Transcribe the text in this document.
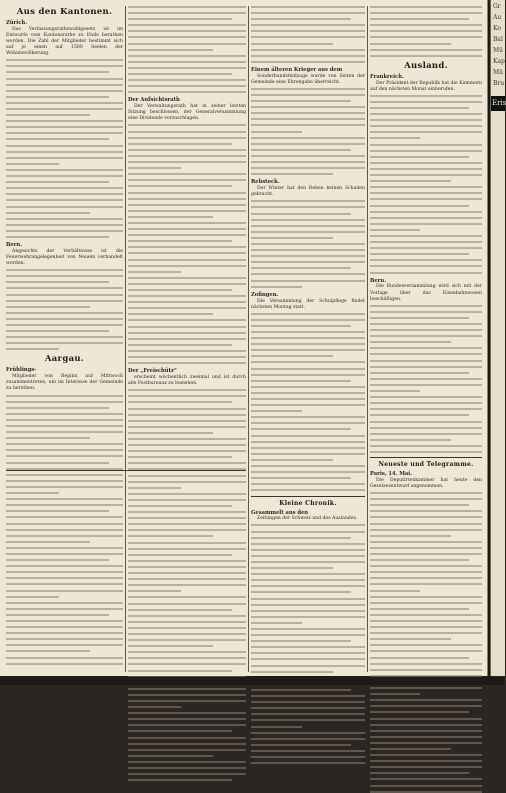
Aus den Kantonen.
Zürich.

Das Verfassungsrathswahlgesetz ist im Entwurfe vom Kantonsrathe zu Ende berathen worden. Die Zahl der Mitglieder bestimmt sich auf je einen auf 1500 Seelen der Wohnbevölkerung.

Bern.

Angesichts der Verhältnisse ist die Feuerwehrangelegenheit von Neuem verhandelt worden.

Aargau.
Frühlings-

Mitglieder von Beginn auf Mittwoch zusammentreten, um im Interesse der Gemeinde zu berathen.

Der Aufsichtsrath

Der Verwaltungsrath hat in seiner letzten Sitzung beschlossen, der Generalversammlung eine Dividende vorzuschlagen.

Der „Freischütz“

erscheint wöchentlich zweimal und ist durch alle Postbureaux zu beziehen.

Einem älteren Krieger aus dem

Sonderbundsfeldzuge wurde von Seiten der Gemeinde eine Ehrengabe überreicht.

Rebstock.

Der Winter hat den Reben keinen Schaden gebracht.

Zofingen.

Die Versammlung der Schulpflege findet nächsten Montag statt.

Kleine Chronik.
Gesammelt aus den

Zeitungen der Schweiz und des Auslandes.

Ausland.
Frankreich.

Der Präsident der Republik hat die Kammern auf den nächsten Monat einberufen.

Bern.

Die Bundesversammlung wird sich mit der Vorlage über das Eisenbahnwesen beschäftigen.

Neueste und Telegramme.
Paris, 14. Mai.

Die Deputirtenkammer hat heute den Gesetzesentwurf angenommen.

Gr
Au
Ko
Bal
Mü
Kap
Mü
Bru
Eris
